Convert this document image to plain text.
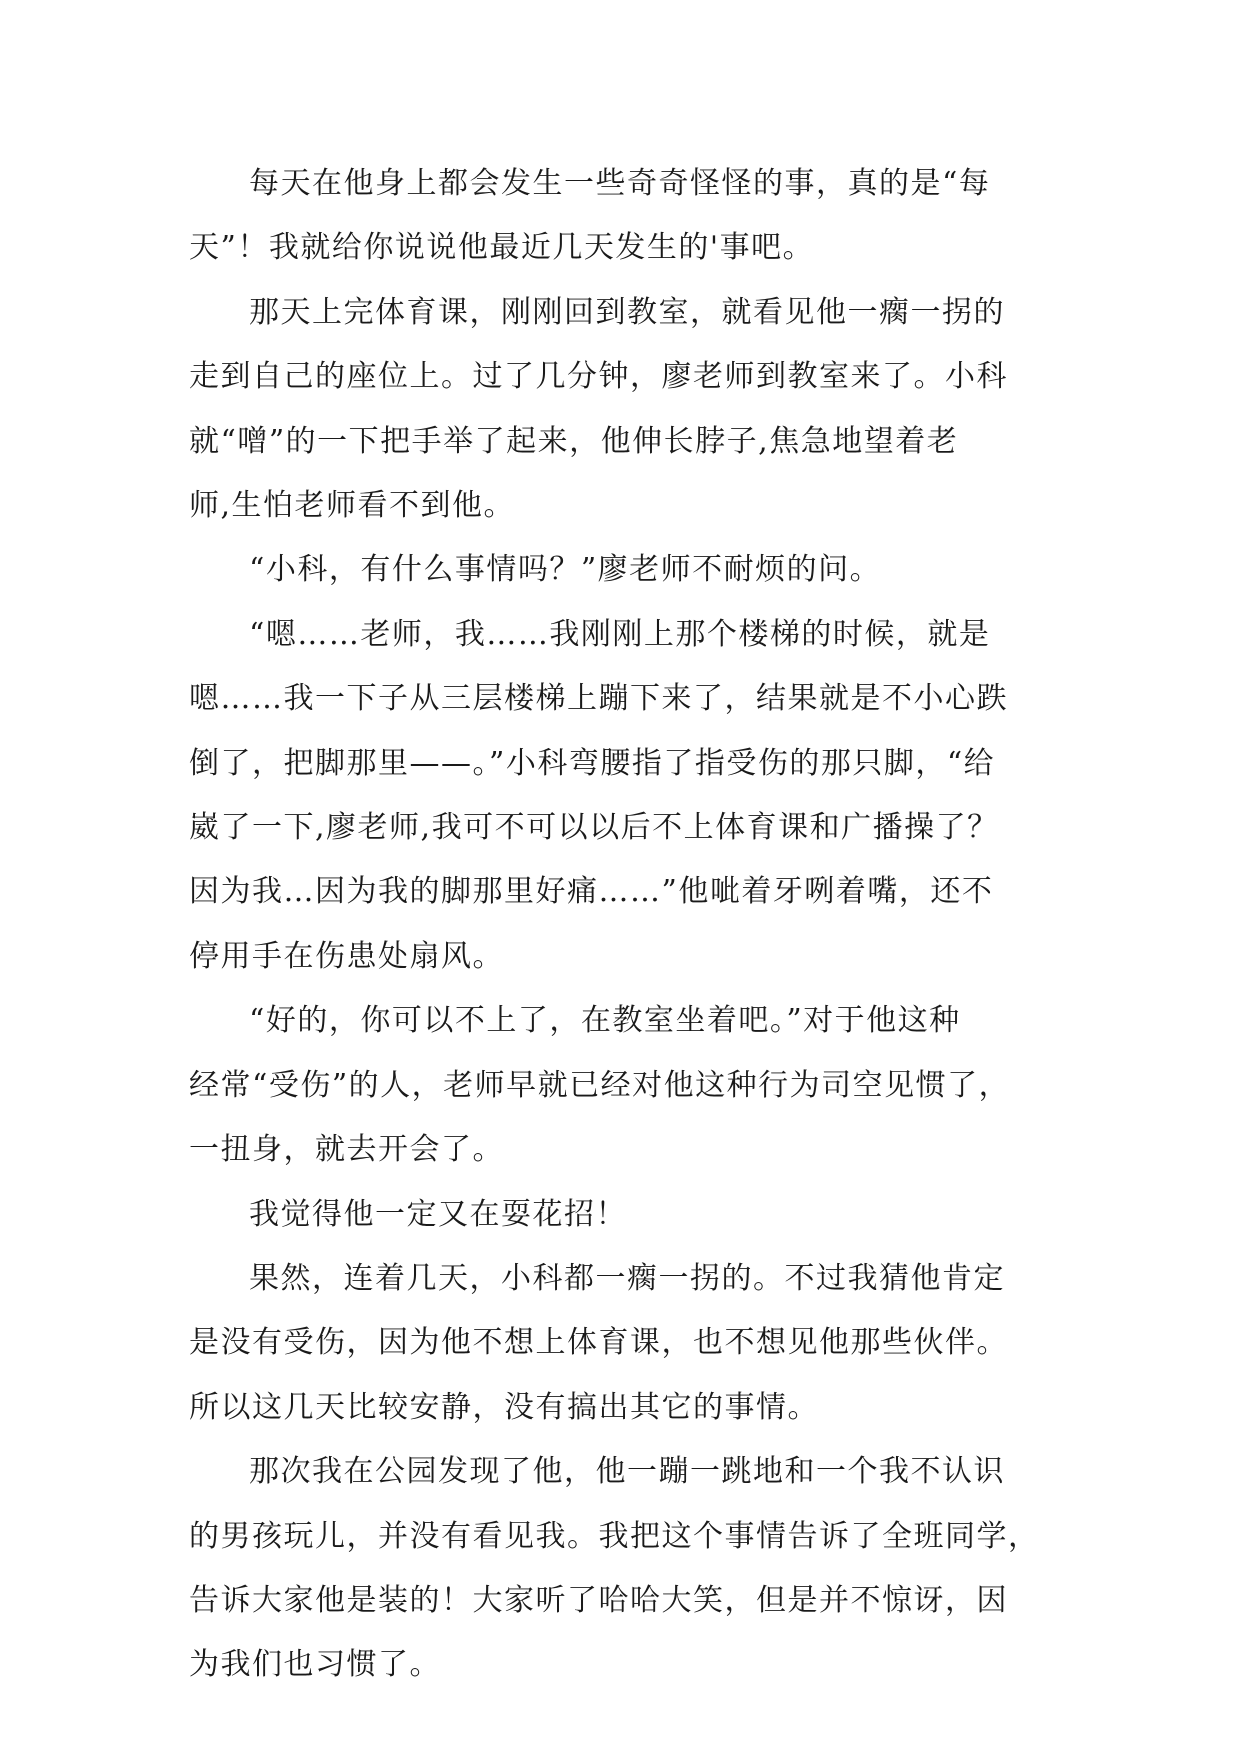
每天在他身上都会发生一些奇奇怪怪的事，真的是“每
天”！我就给你说说他最近几天发生的'事吧。
那天上完体育课，刚刚回到教室，就看见他一瘸一拐的
走到自己的座位上。过了几分钟，廖老师到教室来了。小科
就“噌”的一下把手举了起来，他伸长脖子,焦急地望着老
师,生怕老师看不到他。
“小科，有什么事情吗？”廖老师不耐烦的问。
“嗯……老师，我……我刚刚上那个楼梯的时候，就是
嗯……我一下子从三层楼梯上蹦下来了，结果就是不小心跌
倒了，把脚那里——。”小科弯腰指了指受伤的那只脚，“给
崴了一下,廖老师,我可不可以以后不上体育课和广播操了？
因为我…因为我的脚那里好痛……”他呲着牙咧着嘴，还不
停用手在伤患处扇风。
“好的，你可以不上了，在教室坐着吧。”对于他这种
经常“受伤”的人，老师早就已经对他这种行为司空见惯了，
一扭身，就去开会了。
我觉得他一定又在耍花招！
果然，连着几天，小科都一瘸一拐的。不过我猜他肯定
是没有受伤，因为他不想上体育课，也不想见他那些伙伴。
所以这几天比较安静，没有搞出其它的事情。
那次我在公园发现了他，他一蹦一跳地和一个我不认识
的男孩玩儿，并没有看见我。我把这个事情告诉了全班同学，
告诉大家他是装的！大家听了哈哈大笑，但是并不惊讶，因
为我们也习惯了。
